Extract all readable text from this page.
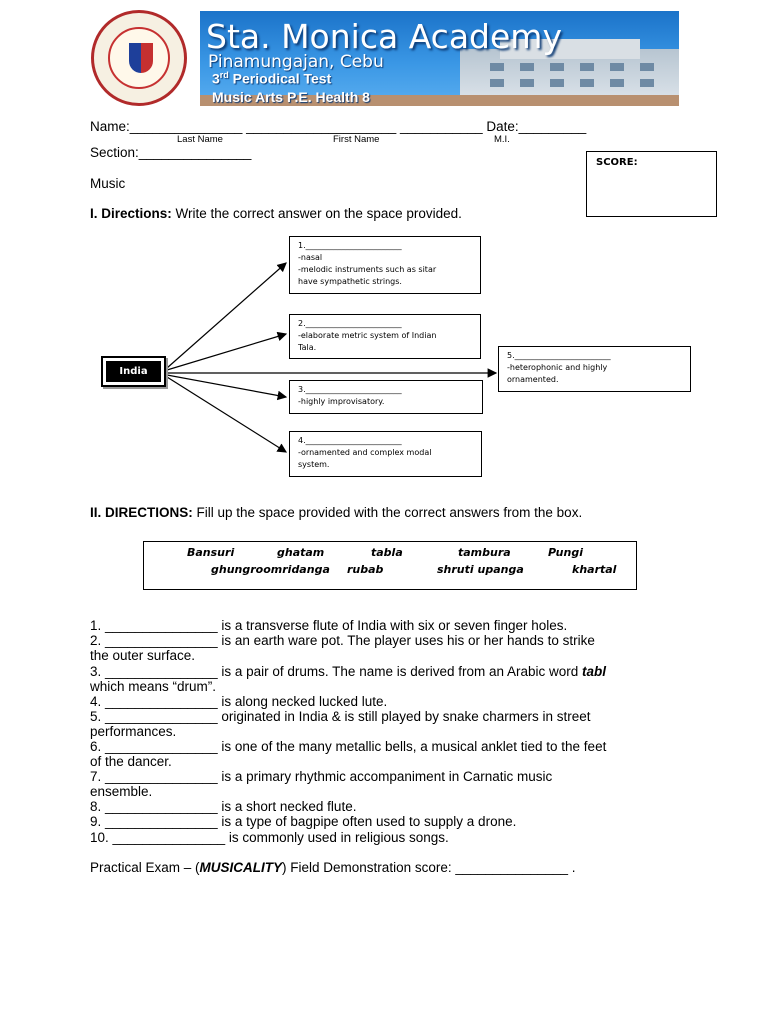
Sta. Monica Academy
Pinamungajan, Cebu
3rd Periodical Test
Music Arts P.E. Health 8
Name:_______________ ____________________ ___________ Date:_________
Last Name	First Name	M.I.
Section:_______________
SCORE:
Music
I. Directions: Write the correct answer on the space provided.
India
1.________________________
-nasal
-melodic instruments such as sitar
have sympathetic strings.
2.________________________
-elaborate metric system of Indian
Tala.
3.________________________
-highly improvisatory.
4.________________________
-ornamented and complex modal
system.
5.________________________
-heterophonic and highly
ornamented.
II. DIRECTIONS: Fill up the space provided with the correct answers from the box.
Bansuri	ghatam	tabla	tambura	Pungi
ghungroomridanga rubab	shruti upanga	khartal
1. _______________ is a transverse flute of India with six or seven finger holes.
2. _______________ is an earth ware pot. The player uses his or her hands to strike
the outer surface.
3. _______________ is a pair of drums. The name is derived from an Arabic word tabl
which means “drum”.
4. _______________ is along necked lucked lute.
5. _______________ originated in India & is still played by snake charmers in street
performances.
6. _______________ is one of the many metallic bells, a musical anklet tied to the feet
of the dancer.
7. _______________ is a primary rhythmic accompaniment in Carnatic music
ensemble.
8. _______________ is a short necked flute.
9. _______________ is a type of bagpipe often used to supply a drone.
10. _______________ is commonly used in religious songs.
Practical Exam – (MUSICALITY) Field Demonstration score: _______________ .
